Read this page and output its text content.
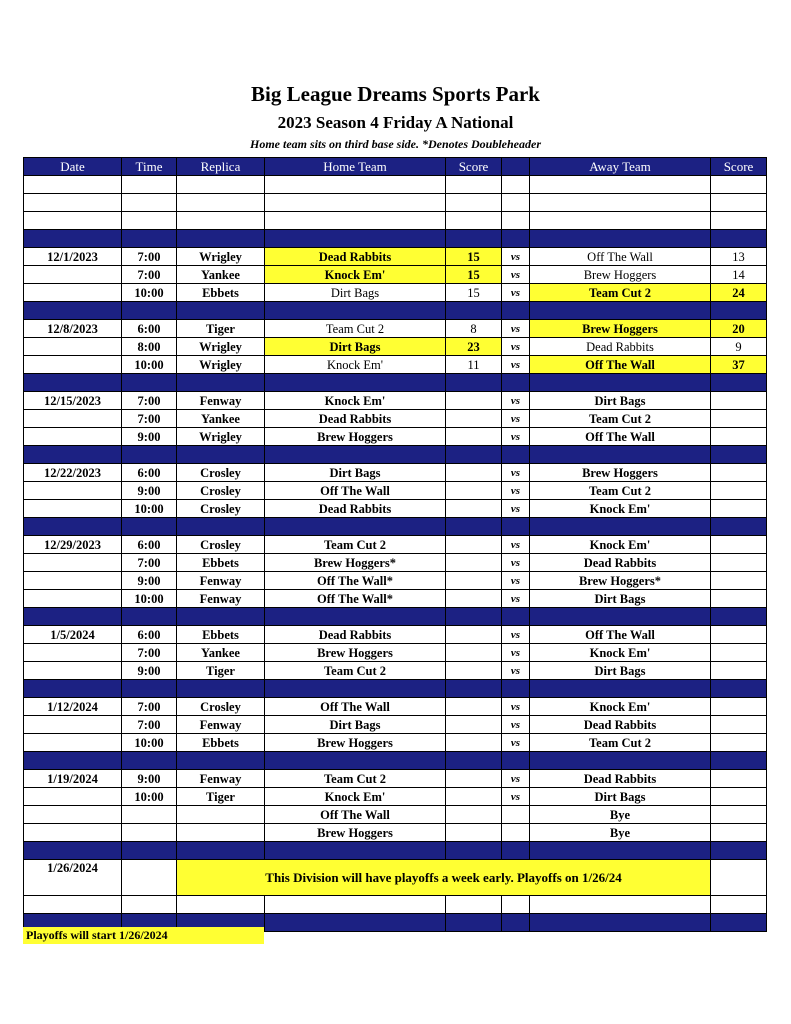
Big League Dreams Sports Park
2023 Season 4 Friday A National
Home team sits on third base side. *Denotes Doubleheader
Date	Time	Replica	Home Team	Score		Away Team	Score

12/1/2023	7:00	Wrigley	Dead Rabbits	15	vs	Off The Wall	13
	7:00	Yankee	Knock Em'	15	vs	Brew Hoggers	14
	10:00	Ebbets	Dirt Bags	15	vs	Team Cut 2	24

12/8/2023	6:00	Tiger	Team Cut 2	8	vs	Brew Hoggers	20
	8:00	Wrigley	Dirt Bags	23	vs	Dead Rabbits	9
	10:00	Wrigley	Knock Em'	11	vs	Off The Wall	37

12/15/2023	7:00	Fenway	Knock Em'		vs	Dirt Bags	
	7:00	Yankee	Dead Rabbits		vs	Team Cut 2	
	9:00	Wrigley	Brew Hoggers		vs	Off The Wall	

12/22/2023	6:00	Crosley	Dirt Bags		vs	Brew Hoggers	
	9:00	Crosley	Off The Wall		vs	Team Cut 2	
	10:00	Crosley	Dead Rabbits		vs	Knock Em'	

12/29/2023	6:00	Crosley	Team Cut 2		vs	Knock Em'	
	7:00	Ebbets	Brew Hoggers*		vs	Dead Rabbits	
	9:00	Fenway	Off The Wall*		vs	Brew Hoggers*	
	10:00	Fenway	Off The Wall*		vs	Dirt Bags	

1/5/2024	6:00	Ebbets	Dead Rabbits		vs	Off The Wall	
	7:00	Yankee	Brew Hoggers		vs	Knock Em'	
	9:00	Tiger	Team Cut 2		vs	Dirt Bags	

1/12/2024	7:00	Crosley	Off The Wall		vs	Knock Em'	
	7:00	Fenway	Dirt Bags		vs	Dead Rabbits	
	10:00	Ebbets	Brew Hoggers		vs	Team Cut 2	

1/19/2024	9:00	Fenway	Team Cut 2		vs	Dead Rabbits	
	10:00	Tiger	Knock Em'		vs	Dirt Bags	
			Off The Wall			Bye	
			Brew Hoggers			Bye	

1/26/2024		This Division will have playoffs a week early. Playoffs on 1/26/24					

Playoffs will start 1/26/2024
